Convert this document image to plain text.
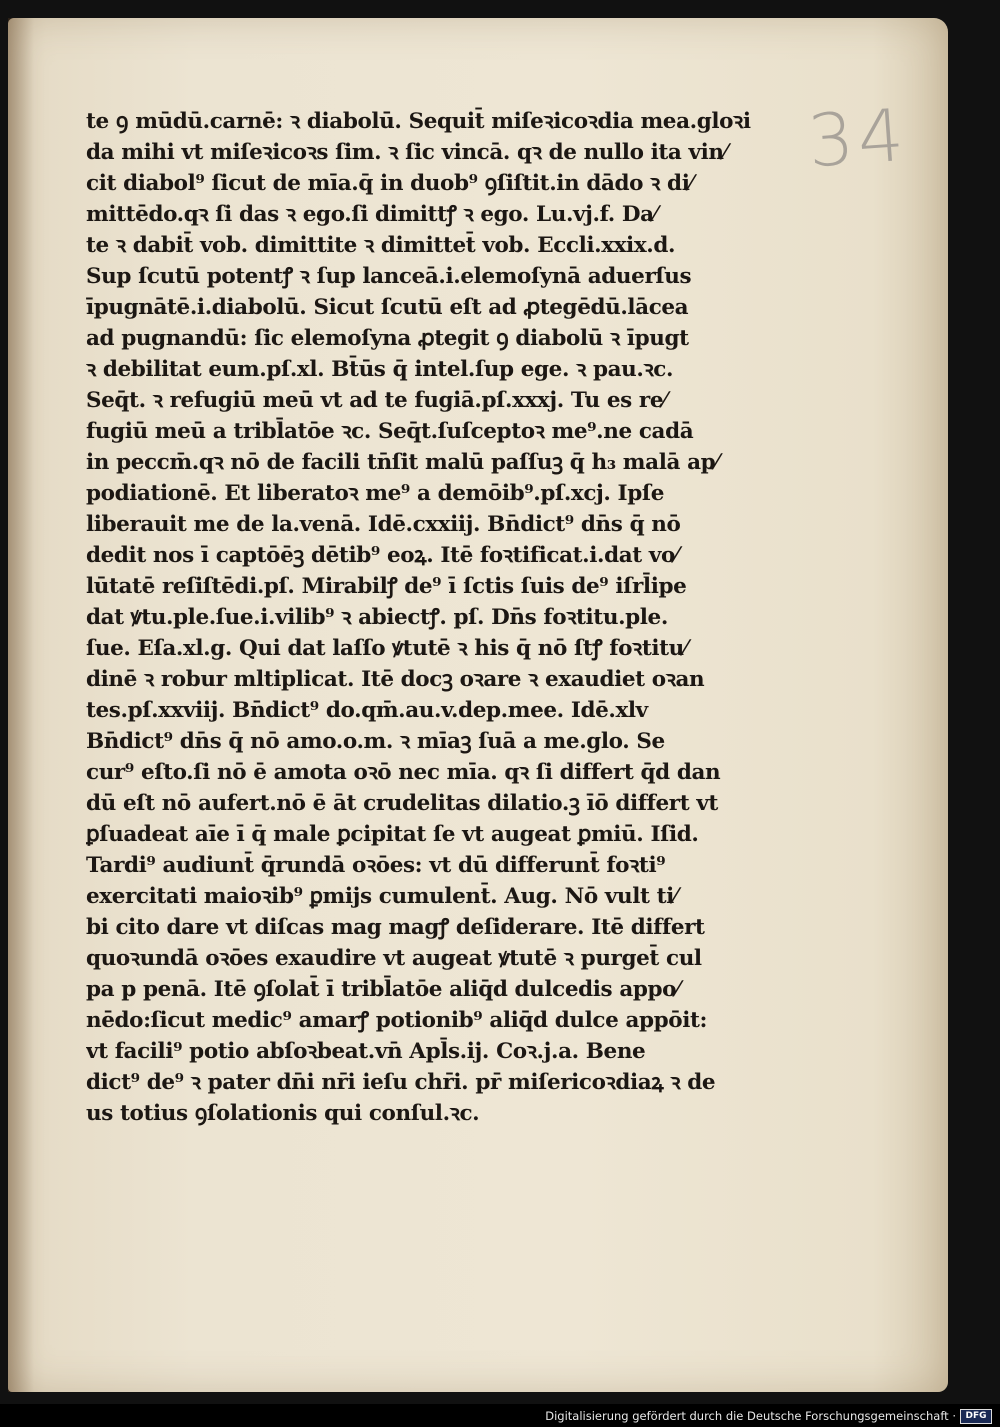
34
te ꝯ mūdū.carnē: ꝛ diabolū. Sequit̄ miſeꝛicoꝛdia mea.gloꝛi
da mihi vt miſeꝛicoꝛs ſim. ꝛ ſic vincā. qꝛ de nullo ita vin⁄
cit diabol⁹ ſicut de mīa.q̄ in duob⁹ ꝯſiſtit.in dādo ꝛ di⁄
mittēdo.qꝛ ſi das ꝛ ego.ſi dimittꝭ ꝛ ego. Lu.vj.f. Da⁄
te ꝛ dabit̄ vob. dimittite ꝛ dimittet̄ vob. Eccli.xxix.d.
Sup ſcutū potentꝭ ꝛ ſup lanceā.i.elemoſynā aduerſus
īpugnātē.i.diabolū. Sicut ſcutū eſt ad ꝓtegēdū.lācea
ad pugnandū: ſic elemoſyna ꝓtegit ꝯ diabolū ꝛ īpugt
ꝛ debilitat eum.pſ.xl. Bt̄ūs q̄ intel.ſup ege. ꝛ pau.ꝛc.
Seq̄t. ꝛ refugiū meū vt ad te fugiā.pſ.xxxj. Tu es re⁄
fugiū meū a tribl̄atōe ꝛc. Seq̄t.ſuſceptoꝛ me⁹.ne cadā
in peccm̄.qꝛ nō de facili tn̄ſit malū paſſuꝫ q̄ h₃ malā ap⁄
podiationē. Et liberatoꝛ me⁹ a demōib⁹.pſ.xcj. Ipſe
liberauit me de la.venā. Idē.cxxiij. Bn̄dict⁹ dn̄s q̄ nō
dedit nos ī captōēꝫ dētib⁹ eoꝝ. Itē foꝛtificat.i.dat vo⁄
lūtatē reſiſtēdi.pſ. Mirabilꝭ de⁹ ī ſctis ſuis de⁹ iſrl̄ipe
dat ꝟtu.ple.ſue.i.vilib⁹ ꝛ abiectꝭ. pſ. Dn̄s foꝛtitu.ple.
ſue. Eſa.xl.g. Qui dat laſſo ꝟtutē ꝛ his q̄ nō ſtꝭ foꝛtitu⁄
dinē ꝛ robur mltiplicat. Itē docꝫ oꝛare ꝛ exaudiet oꝛan
tes.pſ.xxviij. Bn̄dict⁹ do.qm̄.au.v.dep.mee. Idē.xlv
Bn̄dict⁹ dn̄s q̄ nō amo.o.m. ꝛ mīaꝫ ſuā a me.glo. Se
cur⁹ eſto.ſi nō ē amota oꝛō nec mīa. qꝛ ſi differt q̄d dan
dū eſt nō aufert.nō ē āt crudelitas dilatio.ꝫ īō differt vt
ꝑſuadeat aīe ī q̄ male ꝑcipitat ſe vt augeat ꝑmiū. Iſid.
Tardi⁹ audiunt̄ q̄rundā oꝛōes: vt dū differunt̄ foꝛti⁹
exercitati maioꝛib⁹ ꝑmijs cumulent̄. Aug. Nō vult ti⁄
bi cito dare vt diſcas mag magꝭ deſiderare. Itē differt
quoꝛundā oꝛōes exaudire vt augeat ꝟtutē ꝛ purget̄ cul
pa p penā. Itē ꝯſolat̄ ī tribl̄atōe aliq̄d dulcedis appo⁄
nēdo:ſicut medic⁹ amarꝭ potionib⁹ aliq̄d dulce appōit:
vt facili⁹ potio abſoꝛbeat.vn̄ Apl̄s.ij. Coꝛ.j.a. Bene
dict⁹ de⁹ ꝛ pater dn̄i nr̄i ieſu chr̄i. pr̄ miſericoꝛdiaꝝ ꝛ de
us totius ꝯſolationis qui conſul.ꝛc.
Digitalisierung gefördert durch die Deutsche Forschungsgemeinschaft ·	DFG
